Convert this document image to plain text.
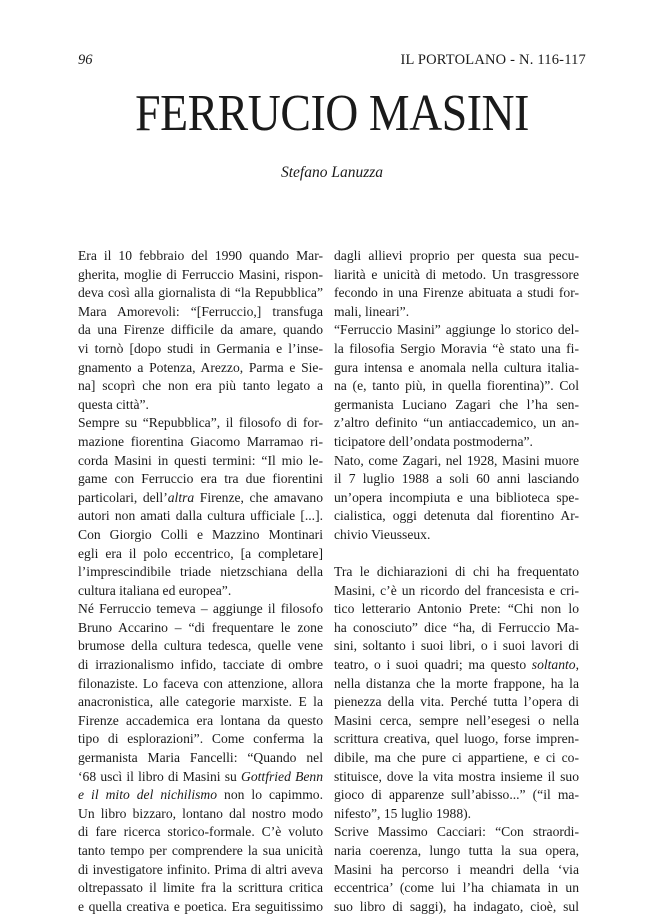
96	IL PORTOLANO - N. 116-117
FERRUCIO MASINI
Stefano Lanuzza
Era il 10 febbraio del 1990 quando Mar-
gherita, moglie di Ferruccio Masini, rispon-
deva così alla giornalista di “la Repubblica”
Mara Amorevoli: “[Ferruccio,] transfuga
da una Firenze difficile da amare, quando
vi tornò [dopo studi in Germania e l’inse-
gnamento a Potenza, Arezzo, Parma e Sie-
na] scoprì che non era più tanto legato a
questa città”.
Sempre su “Repubblica”, il filosofo di for-
mazione fiorentina Giacomo Marramao ri-
corda Masini in questi termini: “Il mio le-
game con Ferruccio era tra due fiorentini
particolari, dell’altra Firenze, che amavano
autori non amati dalla cultura ufficiale [...].
Con Giorgio Colli e Mazzino Montinari
egli era il polo eccentrico, [a completare]
l’imprescindibile triade nietzschiana della
cultura italiana ed europea”.
Né Ferruccio temeva – aggiunge il filosofo
Bruno Accarino – “di frequentare le zone
brumose della cultura tedesca, quelle vene
di irrazionalismo infido, tacciate di ombre
filonaziste. Lo faceva con attenzione, allora
anacronistica, alle categorie marxiste. E la
Firenze accademica era lontana da questo
tipo di esplorazioni”. Come conferma la
germanista Maria Fancelli: “Quando nel
‘68 uscì il libro di Masini su Gottfried Benn
e il mito del nichilismo non lo capimmo.
Un libro bizzaro, lontano dal nostro modo
di fare ricerca storico-formale. C’è voluto
tanto tempo per comprendere la sua unicità
di investigatore infinito. Prima di altri aveva
oltrepassato il limite fra la scrittura critica
e quella creativa e poetica. Era seguitissimo
dagli allievi proprio per questa sua pecu-
liarità e unicità di metodo. Un trasgressore
fecondo in una Firenze abituata a studi for-
mali, lineari”.
“Ferruccio Masini” aggiunge lo storico del-
la filosofia Sergio Moravia “è stato una fi-
gura intensa e anomala nella cultura italia-
na (e, tanto più, in quella fiorentina)”. Col
germanista Luciano Zagari che l’ha sen-
z’altro definito “un antiaccademico, un an-
ticipatore dell’ondata postmoderna”.
Nato, come Zagari, nel 1928, Masini muore
il 7 luglio 1988 a soli 60 anni lasciando
un’opera incompiuta e una biblioteca spe-
cialistica, oggi detenuta dal fiorentino Ar-
chivio Vieusseux.
Tra le dichiarazioni di chi ha frequentato
Masini, c’è un ricordo del francesista e cri-
tico letterario Antonio Prete: “Chi non lo
ha conosciuto” dice “ha, di Ferruccio Ma-
sini, soltanto i suoi libri, o i suoi lavori di
teatro, o i suoi quadri; ma questo soltanto,
nella distanza che la morte frappone, ha la
pienezza della vita. Perché tutta l’opera di
Masini cerca, sempre nell’esegesi o nella
scrittura creativa, quel luogo, forse impren-
dibile, ma che pure ci appartiene, e ci co-
stituisce, dove la vita mostra insieme il suo
gioco di apparenze sull’abisso...” (“il ma-
nifesto”, 15 luglio 1988).
Scrive Massimo Cacciari: “Con straordi-
naria coerenza, lungo tutta la sua opera,
Masini ha percorso i meandri della ‘via
eccentrica’ (come lui l’ha chiamata in un
suo libro di saggi), ha indagato, cioè, sul
